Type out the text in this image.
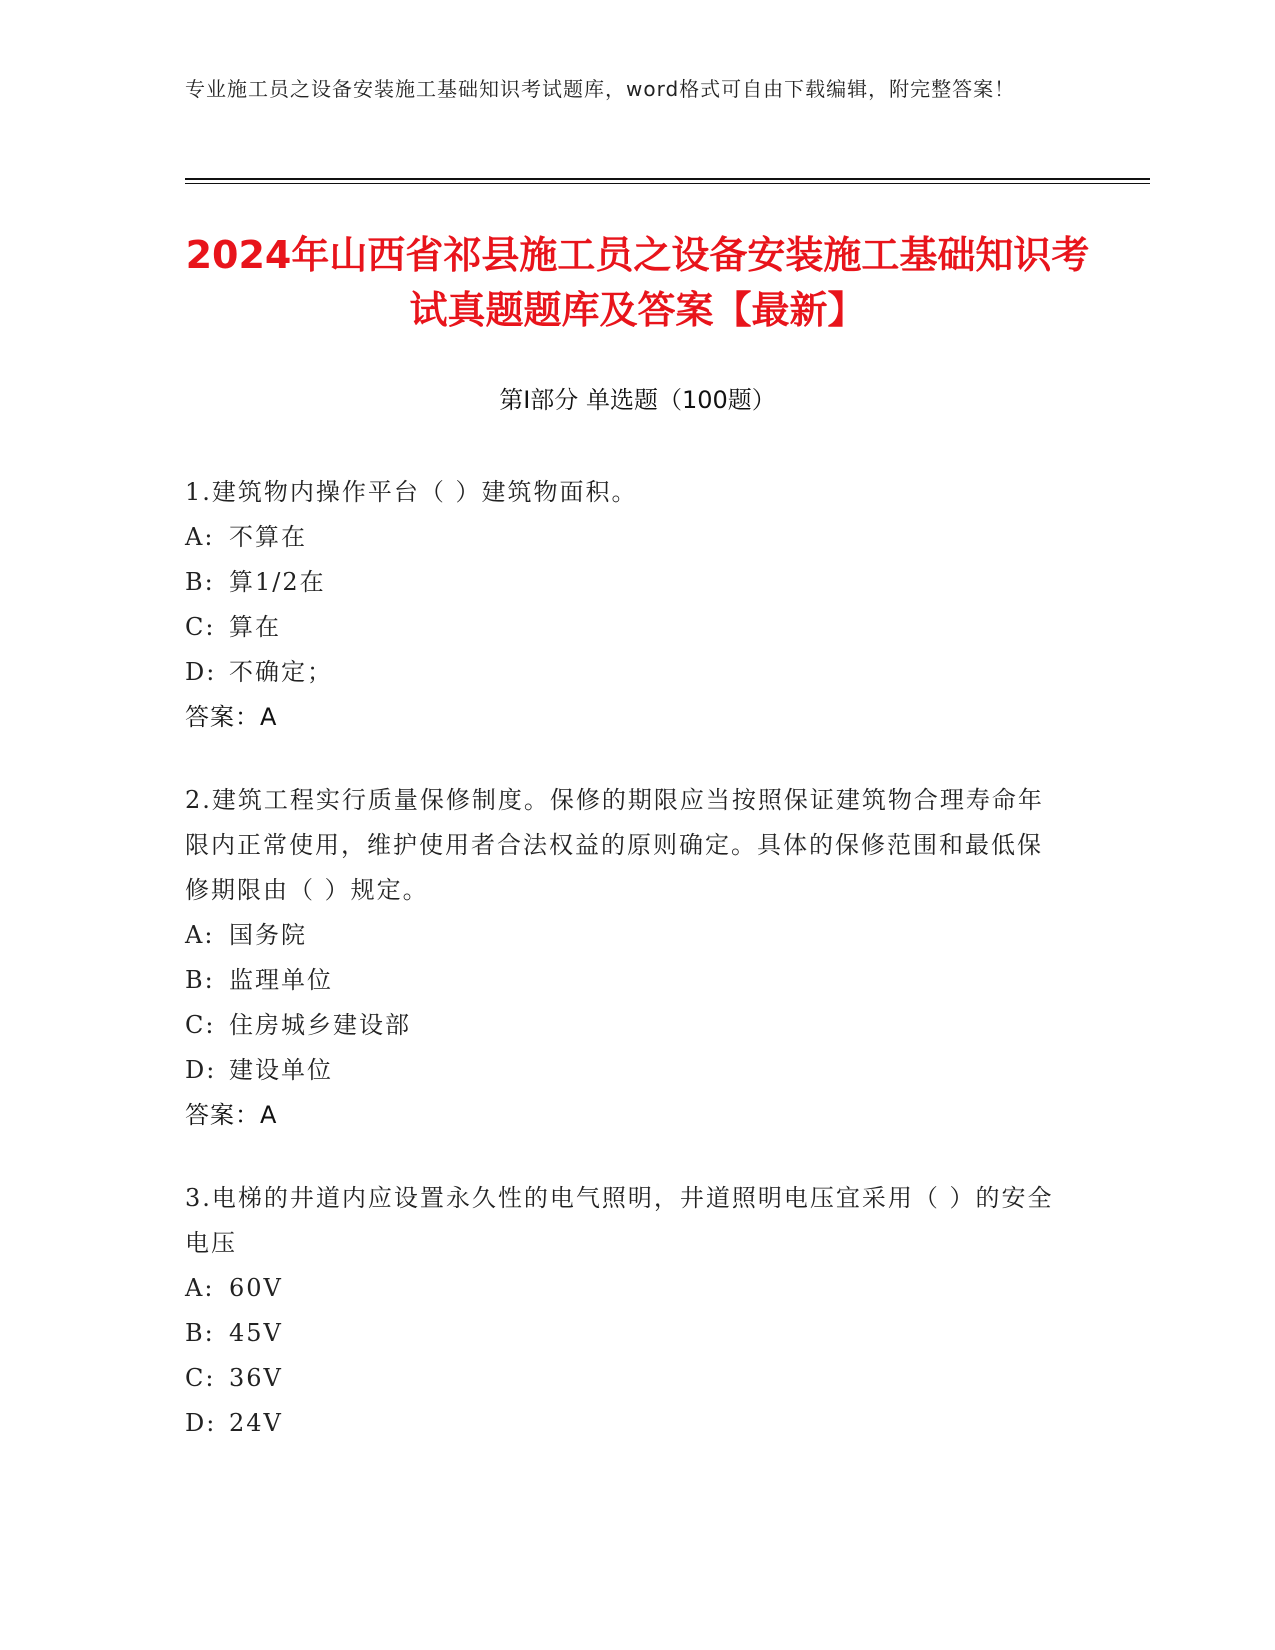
专业施工员之设备安装施工基础知识考试题库，word格式可自由下载编辑，附完整答案！
2024年山西省祁县施工员之设备安装施工基础知识考试真题题库及答案【最新】
第Ⅰ部分 单选题（100题）
1.建筑物内操作平台（ ）建筑物面积。
A: 不算在
B: 算1/2在
C: 算在
D: 不确定；
答案：A
2.建筑工程实行质量保修制度。保修的期限应当按照保证建筑物合理寿命年限内正常使用，维护使用者合法权益的原则确定。具体的保修范围和最低保修期限由（ ）规定。
A: 国务院
B: 监理单位
C: 住房城乡建设部
D: 建设单位
答案：A
3.电梯的井道内应设置永久性的电气照明，井道照明电压宜采用（ ）的安全电压
A: 60V
B: 45V
C: 36V
D: 24V
